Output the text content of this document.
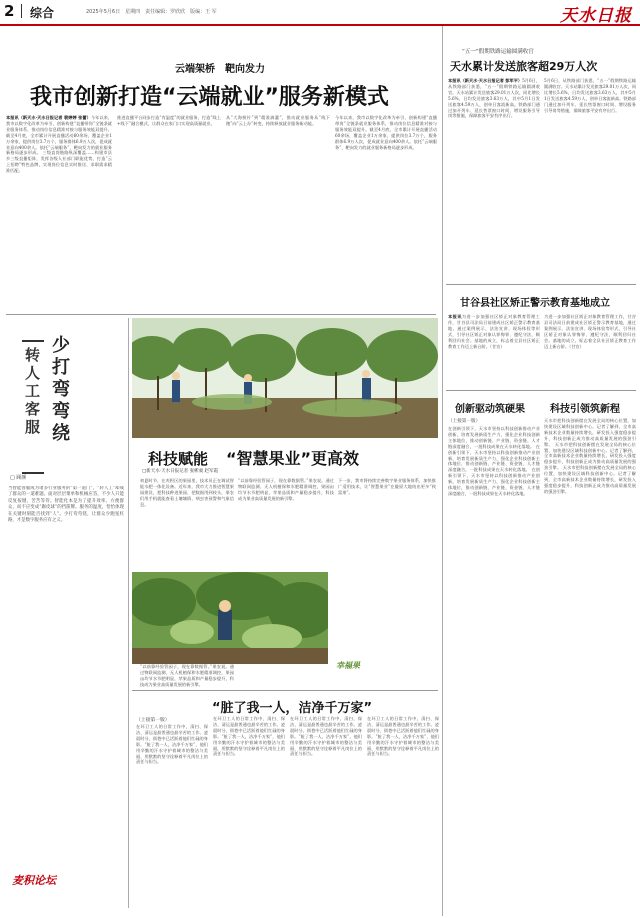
2 综合	2025年5月6日　星期四　责任编辑：罗欣欣　版编：王 军	天水日报
云端架桥　靶向发力
我市创新打造“云端就业”服务新模式
本报讯（新天水·天水日报记者 裴婷婷 张蕾）今年以来，我市以数字化改革为牵引，创新构建“直播带岗”全链条就业服务体系，推动岗位信息精准对接与服务效能双提升。截至4月底，全市累计开展直播活动60余场，覆盖企业1万余家，提供岗位3.7万个，服务群体6.9万人次，促成就业意向400余人。依托“云端服务”，靶向发力的就业服务新格局逐步形成。 三级直岗链路纵深覆盖……构建市县乡三级直播矩阵，发挥各级人社部门职能优势，打造“云上招聘”特色品牌，实现岗位信息实时推送、求职需求精准匹配。
推进直播平台同步打造“有温度”的就业服务，打造“线上+线下”融合模式，让群众在家门口实现高质量就业。
从“大海捞针”到“精准滴灌”，推动就业服务从“线下跑”向“云上办”转变，持续释放就业服务新动能。
今年以来，我市以数字化改革为牵引，创新构建“直播带岗”全链条就业服务体系，推动岗位信息精准对接与服务效能双提升。截至4月底，全市累计开展直播活动60余场，覆盖企业1万余家，提供岗位3.7万个，服务群体6.9万人次，促成就业意向400余人。依托“云端服务”，靶向发力的就业服务新格局逐步形成。
少打弯弯绕
转人工客服
□ 顾颜
当智能客服成为诸多行业服务的“第一道门”，“转人工”却成了群众的一道难题。面对层层菜单和机械应答，不少人只能反复按键、苦苦等待。智能化本是为了提升效率、方便群众，而不应变成“踢皮球”的挡箭牌。服务的温度，恰恰体现在关键时刻能否找到“人”。少打弯弯绕，让群众少跑冤枉路，才是数字服务应有之义。
麦积论坛
科技赋能 “智慧果业”更高效
□新天水·天水日报记者 张彬昶 赵军霞
初夏时节，在麦积区的果园里，技术员正在调试智能水肥一体化设备。近年来，我市大力推进智慧果园建设，把科技种进果园、把数据用到枝头，果农们用手机就能查看土壤墒情、病虫害预警和气象信息。
“以前靠经验管园子，现在靠数据管。”果农说。通过物联网监测、无人机植保和水肥精准调控，果园亩均节水节肥明显，苹果品质和产量稳步提升，科技成为果业高质量发展的新引擎。
下一步，我市将持续完善数字果业服务体系，加快推广适用技术，让“智慧果业”在陇原大地结出更多“致富果”。
“以前靠经验管园子，现在靠数据管。”果农说。通过物联网监测、无人机植保和水肥精准调控，果园亩均节水节肥明显，苹果品质和产量稳步提升，科技成为果业高质量发展的新引擎。
幸福果
“脏了我一人，洁净千万家”
（上接第一版）
在环卫工人的日常工作中，清扫、保洁、清运是最普通也最辛苦的工作。凌晨时分，街巷中已活跃着他们忙碌的身影。“脏了我一人，洁净千万家”，他们用辛勤的汗水守护着城市的整洁与美丽，用默默的坚守诠释着平凡岗位上的责任与担当。
在环卫工人的日常工作中，清扫、保洁、清运是最普通也最辛苦的工作。凌晨时分，街巷中已活跃着他们忙碌的身影。“脏了我一人，洁净千万家”，他们用辛勤的汗水守护着城市的整洁与美丽，用默默的坚守诠释着平凡岗位上的责任与担当。
在环卫工人的日常工作中，清扫、保洁、清运是最普通也最辛苦的工作。凌晨时分，街巷中已活跃着他们忙碌的身影。“脏了我一人，洁净千万家”，他们用辛勤的汗水守护着城市的整洁与美丽，用默默的坚守诠释着平凡岗位上的责任与担当。
在环卫工人的日常工作中，清扫、保洁、清运是最普通也最辛苦的工作。凌晨时分，街巷中已活跃着他们忙碌的身影。“脏了我一人，洁净千万家”，他们用辛勤的汗水守护着城市的整洁与美丽，用默默的坚守诠释着平凡岗位上的责任与担当。
“五一”假期铁路运输圆满收官
天水累计发送旅客超29万人次
本报讯（新天水·天水日报记者 彭军平）5月6日，从铁路部门获悉，“五一”假期铁路运输圆满收官。天水站累计发送旅客29.01万人次，同比增长5.6%，日均发送旅客3.63万人，其中5月1日发送旅客4.59万人，创单日客流新高。铁路部门通过加开列车、延长售票窗口时间、增设服务引导岗等措施，保障旅客平安有序出行。
5月6日，从铁路部门获悉，“五一”假期铁路运输圆满收官。天水站累计发送旅客29.01万人次，同比增长5.6%，日均发送旅客3.63万人，其中5月1日发送旅客4.59万人，创单日客流新高。铁路部门通过加开列车、延长售票窗口时间、增设服务引导岗等措施，保障旅客平安有序出行。
甘谷县社区矫正警示教育基地成立
本报讯为进一步加强社区矫正对象教育管理工作，甘谷县司法局日前建成社区矫正警示教育基地，通过案例展示、法治宣讲、现场体验等形式，引导社区矫正对象认罪悔罪、遵纪守法，顺利回归社会。基地的成立，标志着全县社区矫正教育工作迈上新台阶。（甘宣）
为进一步加强社区矫正对象教育管理工作，甘谷县司法局日前建成社区矫正警示教育基地，通过案例展示、法治宣讲、现场体验等形式，引导社区矫正对象认罪悔罪、遵纪守法，顺利回归社会。基地的成立，标志着全县社区矫正教育工作迈上新台阶。（甘宣）
创新驱动筑硬果	科技引领筑新程
（上接第一版）
在创新引领下，天水市坚持以科技创新推动产业创新，培育发展新质生产力，强化企业科技创新主体地位，推动创新链、产业链、资金链、人才链深度融合，一批科技成果在天水转化落地。 在创新引领下，天水市坚持以科技创新推动产业创新，培育发展新质生产力，强化企业科技创新主体地位，推动创新链、产业链、资金链、人才链深度融合，一批科技成果在天水转化落地。 在创新引领下，天水市坚持以科技创新推动产业创新，培育发展新质生产力，强化企业科技创新主体地位，推动创新链、产业链、资金链、人才链深度融合，一批科技成果在天水转化落地。
天水市把科技创新摆在发展全局的核心位置，加快建设区域科技创新中心。记者了解到，全市高新技术企业数量持续增长，研发投入强度稳步提升，科技创新正成为推动高质量发展的强劲引擎。 天水市把科技创新摆在发展全局的核心位置，加快建设区域科技创新中心。记者了解到，全市高新技术企业数量持续增长，研发投入强度稳步提升，科技创新正成为推动高质量发展的强劲引擎。 天水市把科技创新摆在发展全局的核心位置，加快建设区域科技创新中心。记者了解到，全市高新技术企业数量持续增长，研发投入强度稳步提升，科技创新正成为推动高质量发展的强劲引擎。
